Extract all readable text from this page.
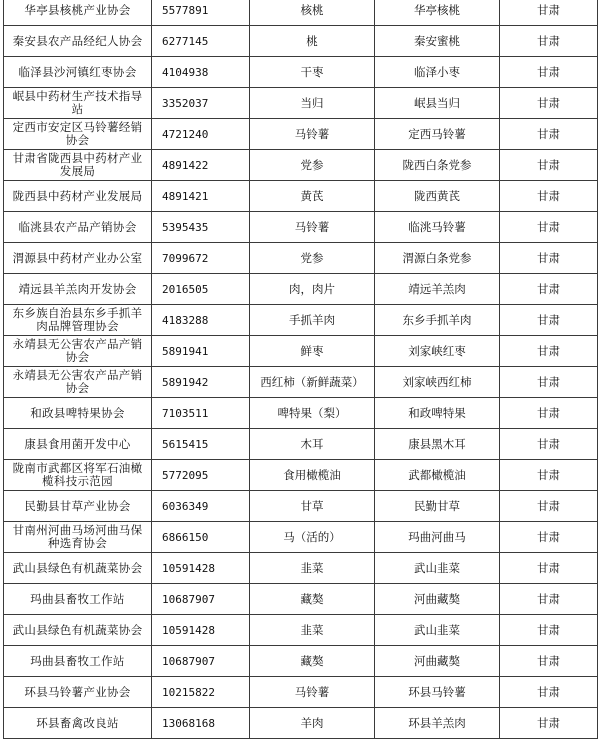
华亭县核桃产业协会	5577891	核桃	华亭核桃	甘肃
秦安县农产品经纪人协会	6277145	桃	秦安蜜桃	甘肃
临泽县沙河镇红枣协会	4104938	干枣	临泽小枣	甘肃
岷县中药材生产技术指导站	3352037	当归	岷县当归	甘肃
定西市安定区马铃薯经销协会	4721240	马铃薯	定西马铃薯	甘肃
甘肃省陇西县中药材产业发展局	4891422	党参	陇西白条党参	甘肃
陇西县中药材产业发展局	4891421	黄芪	陇西黄芪	甘肃
临洮县农产品产销协会	5395435	马铃薯	临洮马铃薯	甘肃
渭源县中药材产业办公室	7099672	党参	渭源白条党参	甘肃
靖远县羊羔肉开发协会	2016505	肉，肉片	靖远羊羔肉	甘肃
东乡族自治县东乡手抓羊肉品牌管理协会	4183288	手抓羊肉	东乡手抓羊肉	甘肃
永靖县无公害农产品产销协会	5891941	鲜枣	刘家峡红枣	甘肃
永靖县无公害农产品产销协会	5891942	西红柿（新鲜蔬菜）	刘家峡西红柿	甘肃
和政县啤特果协会	7103511	啤特果（梨）	和政啤特果	甘肃
康县食用菌开发中心	5615415	木耳	康县黑木耳	甘肃
陇南市武都区将军石油橄榄科技示范园	5772095	食用橄榄油	武都橄榄油	甘肃
民勤县甘草产业协会	6036349	甘草	民勤甘草	甘肃
甘南州河曲马场河曲马保种选育协会	6866150	马（活的）	玛曲河曲马	甘肃
武山县绿色有机蔬菜协会	10591428	韭菜	武山韭菜	甘肃
玛曲县畜牧工作站	10687907	藏獒	河曲藏獒	甘肃
武山县绿色有机蔬菜协会	10591428	韭菜	武山韭菜	甘肃
玛曲县畜牧工作站	10687907	藏獒	河曲藏獒	甘肃
环县马铃薯产业协会	10215822	马铃薯	环县马铃薯	甘肃
环县畜禽改良站	13068168	羊肉	环县羊羔肉	甘肃
